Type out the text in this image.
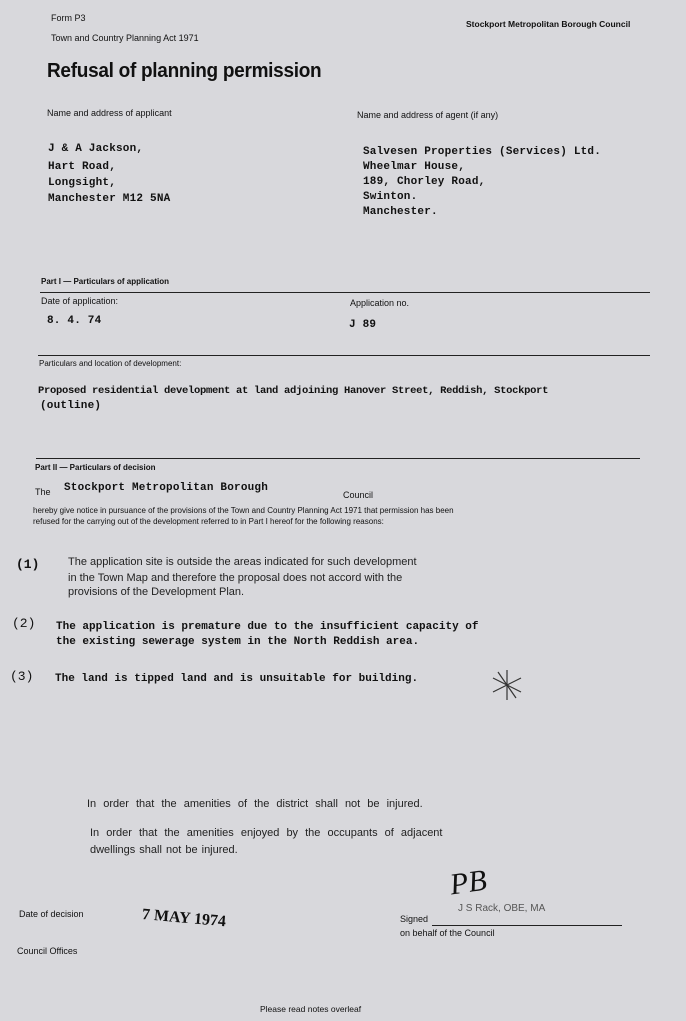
Form P3
Town and Country Planning Act 1971
Stockport Metropolitan Borough Council
Refusal of planning permission
Name and address of applicant	Name and address of agent (if any)
J & A Jackson,
Hart Road,
Longsight,
Manchester M12 5NA
Salvesen Properties (Services) Ltd.
Wheelmar House,
189, Chorley Road,
Swinton.
Manchester.
Part I — Particulars of application
Date of application:	Application no.
8. 4. 74	J 89
Particulars and location of development:
Proposed residential development at land adjoining Hanover Street, Reddish, Stockport
(outline)
Part II — Particulars of decision
The Stockport Metropolitan Borough
Council
hereby give notice in pursuance of the provisions of the Town and Country Planning Act 1971 that permission has been
refused for the carrying out of the development referred to in Part I hereof for the following reasons:
(1)	The application site is outside the areas indicated for such development
in the Town Map and therefore the proposal does not accord with the
provisions of the Development Plan.
(2) The application is premature due to the insufficient capacity of
the existing sewerage system in the North Reddish area.
(3) The land is tipped land and is unsuitable for building.
In order that the amenities of the district shall not be injured.
In order that the amenities enjoyed by the occupants of adjacent
dwellings shall not be injured.
Date of decision	7 MAY 1974
Council Offices
PB
Signed
J S Rack, OBE, MA
on behalf of the Council
Please read notes overleaf
